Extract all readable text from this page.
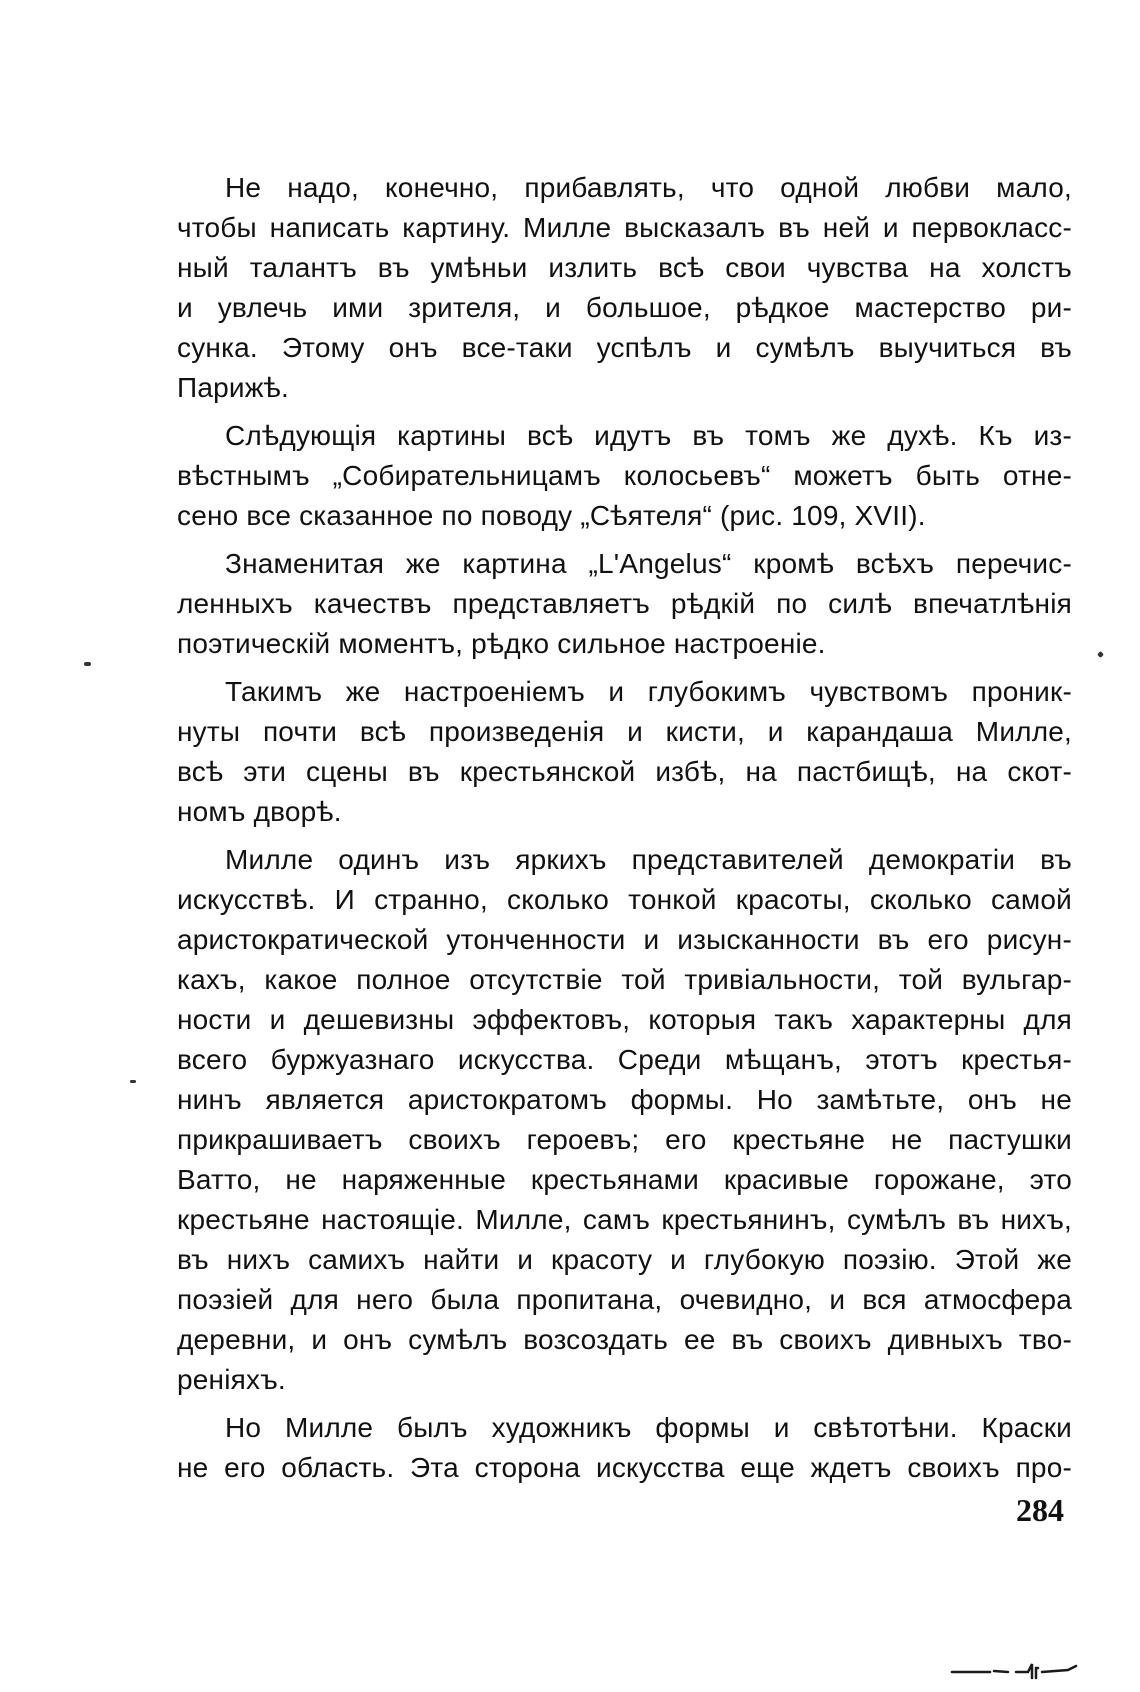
Не надо, конечно, прибавлять, что одной любви мало,
чтобы написать картину. Милле высказалъ въ ней и первокласс-
ный талантъ въ умѣньи излить всѣ свои чувства на холстъ
и увлечь ими зрителя, и большое, рѣдкое мастерство ри-
сунка. Этому онъ все-таки успѣлъ и сумѣлъ выучиться въ
Парижѣ.
Слѣдующія картины всѣ идутъ въ томъ же духѣ. Къ из-
вѣстнымъ „Собирательницамъ колосьевъ“ можетъ быть отне-
сено все сказанное по поводу „Сѣятеля“ (рис. 109, XVII).
Знаменитая же картина „L'Angelus“ кромѣ всѣхъ перечис-
ленныхъ качествъ представляетъ рѣдкій по силѣ впечатлѣнія
поэтическій моментъ, рѣдко сильное настроеніе.
Такимъ же настроеніемъ и глубокимъ чувствомъ проник-
нуты почти всѣ произведенія и кисти, и карандаша Милле,
всѣ эти сцены въ крестьянской избѣ, на пастбищѣ, на скот-
номъ дворѣ.
Милле одинъ изъ яркихъ представителей демократіи въ
искусствѣ. И странно, сколько тонкой красоты, сколько самой
аристократической утонченности и изысканности въ его рисун-
кахъ, какое полное отсутствіе той тривіальности, той вульгар-
ности и дешевизны эффектовъ, которыя такъ характерны для
всего буржуазнаго искусства. Среди мѣщанъ, этотъ крестья-
нинъ является аристократомъ формы. Но замѣтьте, онъ не
прикрашиваетъ своихъ героевъ; его крестьяне не пастушки
Ватто, не наряженные крестьянами красивые горожане, это
крестьяне настоящіе. Милле, самъ крестьянинъ, сумѣлъ въ нихъ,
въ нихъ самихъ найти и красоту и глубокую поэзію. Этой же
поэзіей для него была пропитана, очевидно, и вся атмосфера
деревни, и онъ сумѣлъ возсоздать ее въ своихъ дивныхъ тво-
реніяхъ.
Но Милле былъ художникъ формы и свѣтотѣни. Краски
не его область. Эта сторона искусства еще ждетъ своихъ про-
284
